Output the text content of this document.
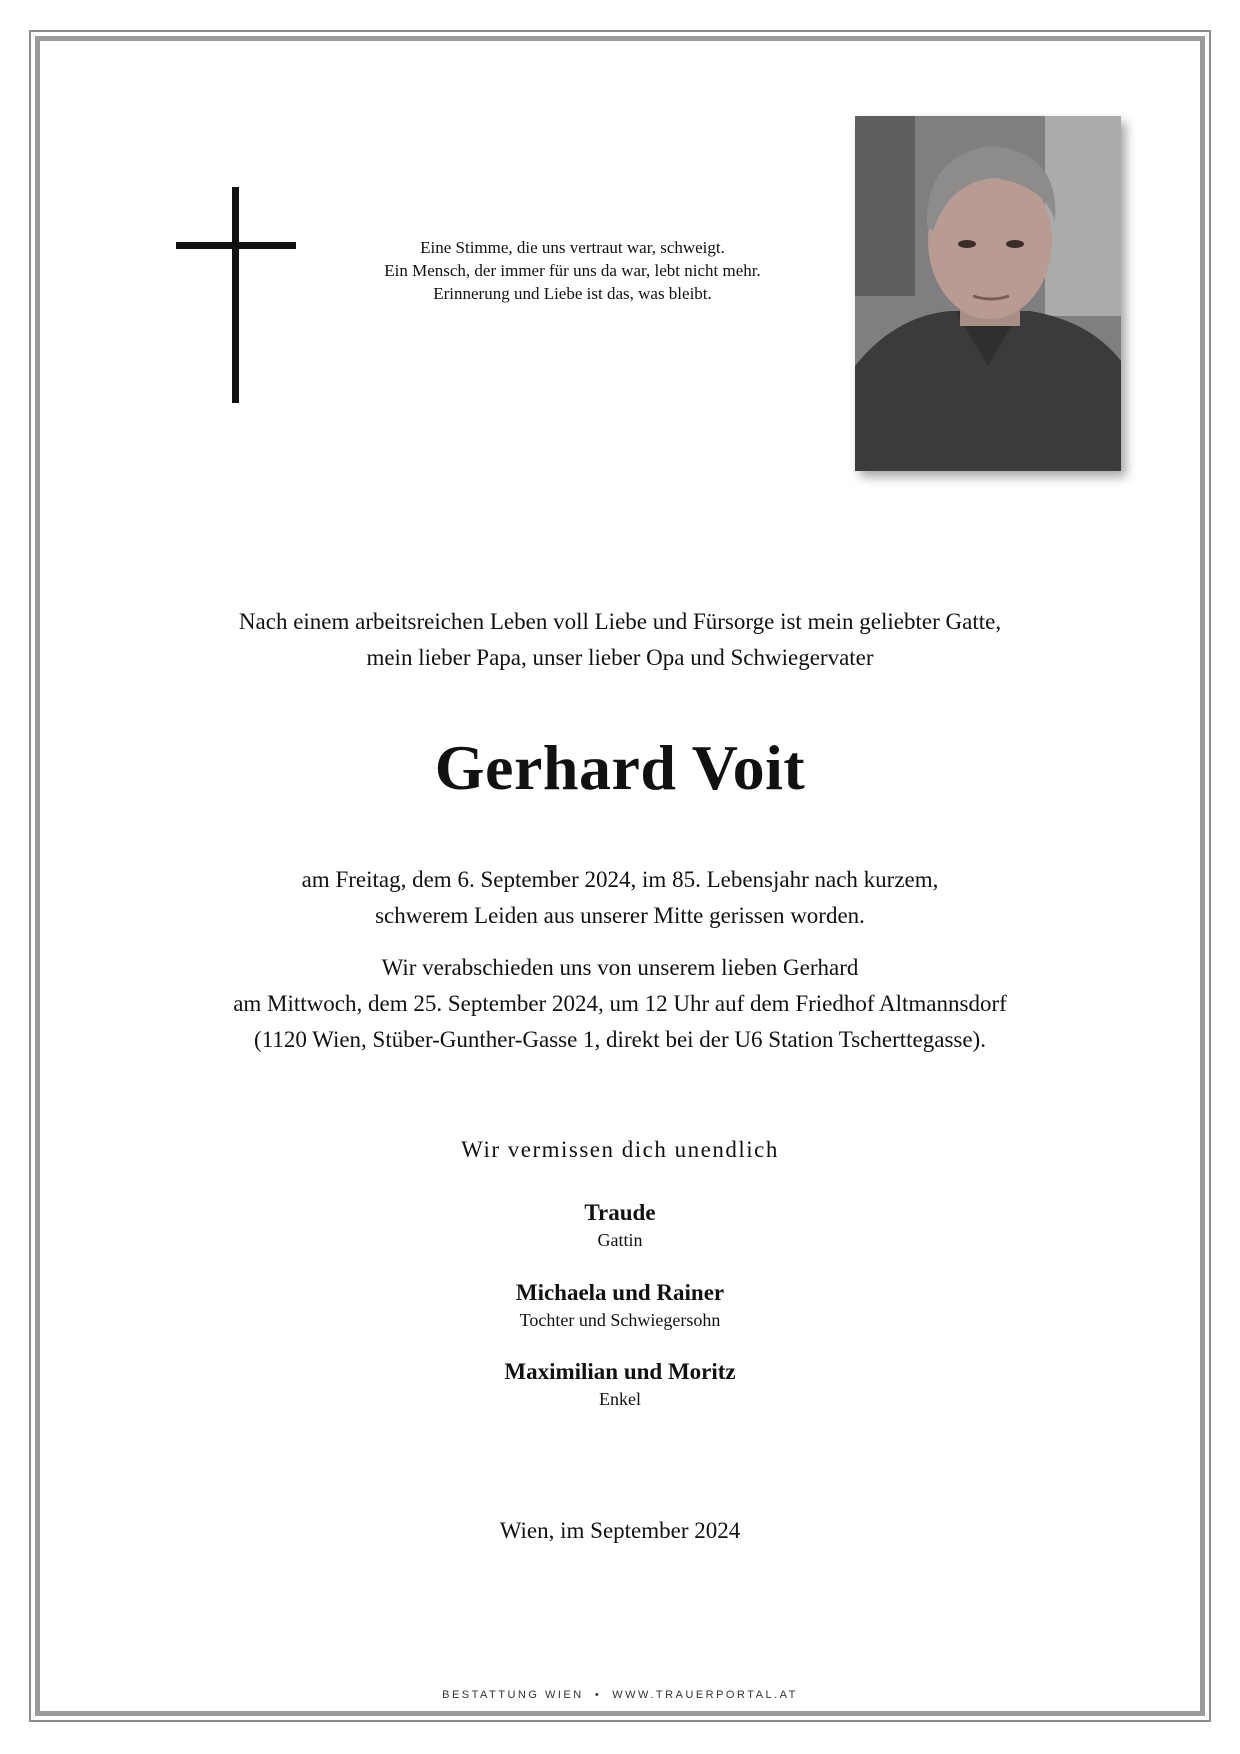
Eine Stimme, die uns vertraut war, schweigt.
Ein Mensch, der immer für uns da war, lebt nicht mehr.
Erinnerung und Liebe ist das, was bleibt.
Nach einem arbeitsreichen Leben voll Liebe und Fürsorge ist mein geliebter Gatte,
mein lieber Papa, unser lieber Opa und Schwiegervater
Gerhard Voit
am Freitag, dem 6. September 2024, im 85. Lebensjahr nach kurzem,
schwerem Leiden aus unserer Mitte gerissen worden.
Wir verabschieden uns von unserem lieben Gerhard
am Mittwoch, dem 25. September 2024, um 12 Uhr auf dem Friedhof Altmannsdorf
(1120 Wien, Stüber-Gunther-Gasse 1, direkt bei der U6 Station Tscherttegasse).
Wir vermissen dich unendlich
Traude
Gattin
Michaela und Rainer
Tochter und Schwiegersohn
Maximilian und Moritz
Enkel
Wien, im September 2024
BESTATTUNG WIEN  •  WWW.TRAUERPORTAL.AT
